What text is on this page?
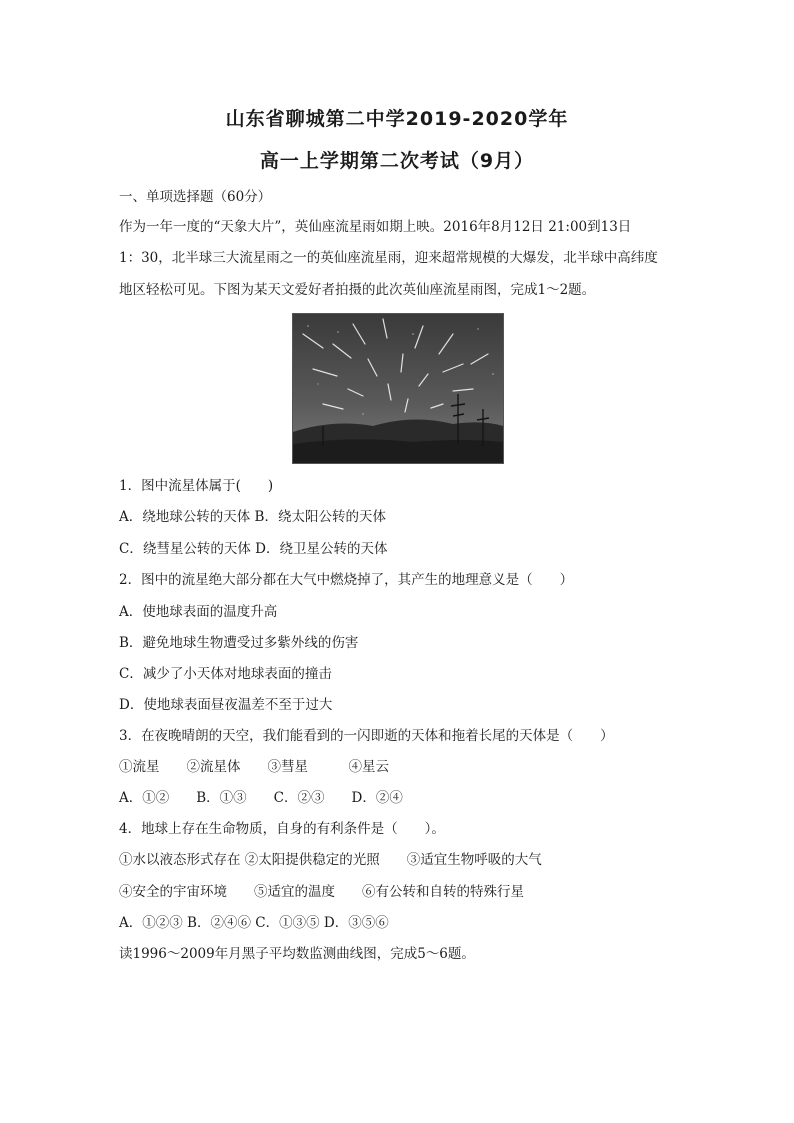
山东省聊城第二中学2019-2020学年
高一上学期第二次考试（9月）
一、单项选择题（60分）
作为一年一度的“天象大片”，英仙座流星雨如期上映。2016年8月12日 21:00到13日
1：30，北半球三大流星雨之一的英仙座流星雨，迎来超常规模的大爆发，北半球中高纬度
地区轻松可见。下图为某天文爱好者拍摄的此次英仙座流星雨图，完成1～2题。
1．图中流星体属于(　　)
A．绕地球公转的天体 B．绕太阳公转的天体
C．绕彗星公转的天体 D．绕卫星公转的天体
2．图中的流星绝大部分都在大气中燃烧掉了，其产生的地理意义是（　　）
A．使地球表面的温度升高
B．避免地球生物遭受过多紫外线的伤害
C．减少了小天体对地球表面的撞击
D．使地球表面昼夜温差不至于过大
3．在夜晚晴朗的天空，我们能看到的一闪即逝的天体和拖着长尾的天体是（　　）
①流星　　②流星体　　③彗星　　　④星云
A．①②　　B．①③　　C．②③　　D．②④
4．地球上存在生命物质，自身的有利条件是（　　）。
①水以液态形式存在 ②太阳提供稳定的光照　　③适宜生物呼吸的大气
④安全的宇宙环境　　⑤适宜的温度　　⑥有公转和自转的特殊行星
A．①②③ B．②④⑥ C．①③⑤ D．③⑤⑥
读1996～2009年月黑子平均数监测曲线图，完成5～6题。
